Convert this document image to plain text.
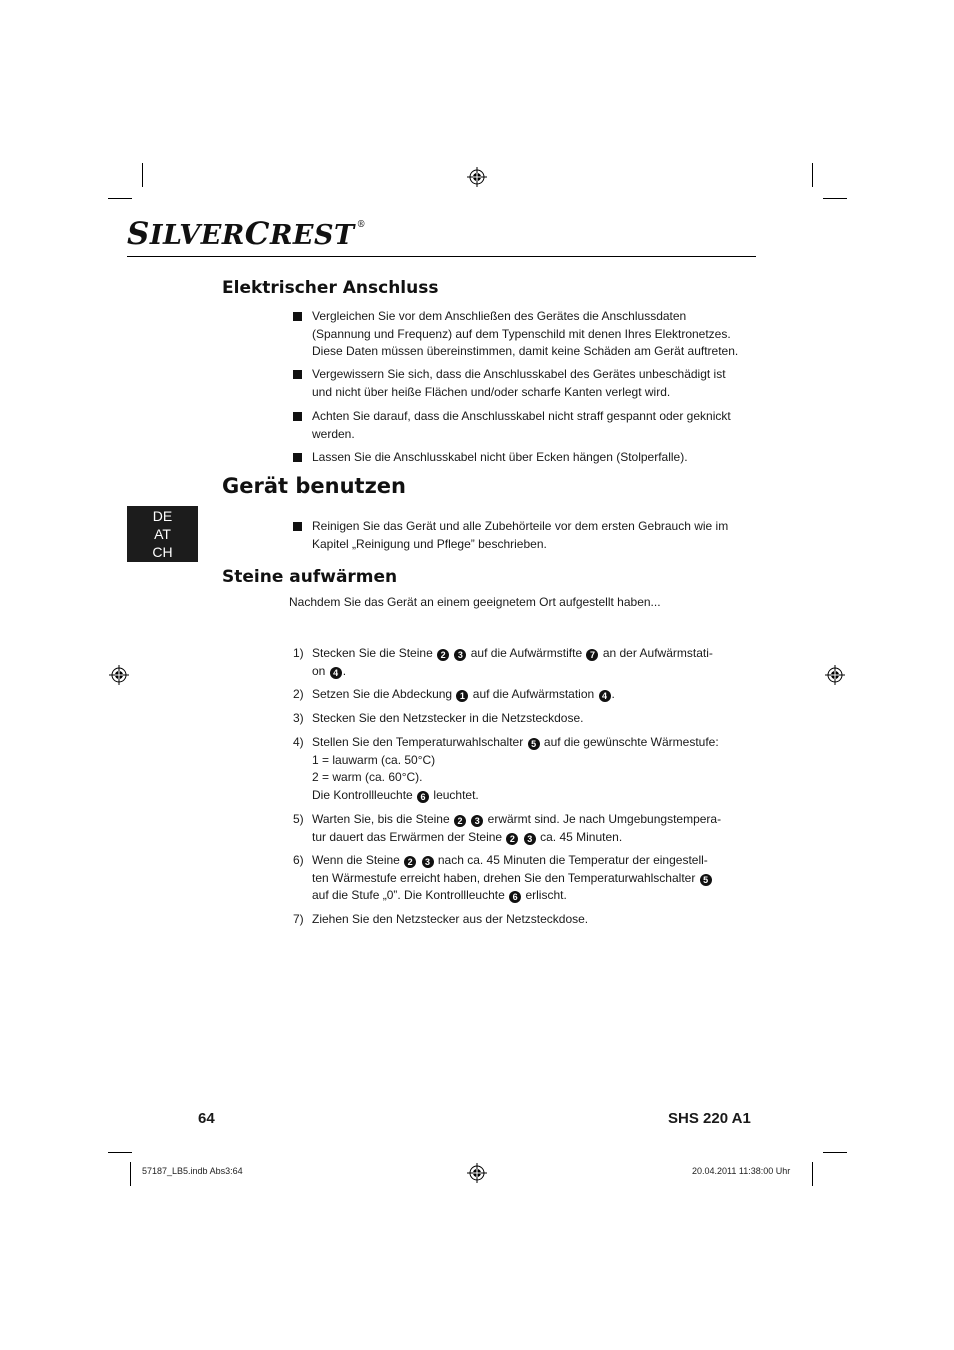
SILVERCREST ®
Elektrischer Anschluss
Vergleichen Sie vor dem Anschließen des Gerätes die Anschlussdaten (Spannung und Frequenz) auf dem Typenschild mit denen Ihres Elektronetzes. Diese Daten müssen übereinstimmen, damit keine Schäden am Gerät auftreten.
Vergewissern Sie sich, dass die Anschlusskabel des Gerätes unbeschädigt ist und nicht über heiße Flächen und/oder scharfe Kanten verlegt wird.
Achten Sie darauf, dass die Anschlusskabel nicht straff gespannt oder geknickt werden.
Lassen Sie die Anschlusskabel nicht über Ecken hängen (Stolperfalle).
Gerät benutzen
DE
AT
CH
Reinigen Sie das Gerät und alle Zubehörteile vor dem ersten Gebrauch wie im Kapitel „Reinigung und Pflege” beschrieben.
Steine aufwärmen
Nachdem Sie das Gerät an einem geeignetem Ort aufgestellt haben...
1) Stecken Sie die Steine 2 3 auf die Aufwärmstifte 7 an der Aufwärmstati-
on 4 .
2) Setzen Sie die Abdeckung 1 auf die Aufwärmstation 4 .
3) Stecken Sie den Netzstecker in die Netzsteckdose.
4) Stellen Sie den Temperaturwahlschalter 5 auf die gewünschte Wärmestufe:
1 = lauwarm (ca. 50°C)
2 = warm (ca. 60°C).
Die Kontrollleuchte 6 leuchtet.
5) Warten Sie, bis die Steine 2 3 erwärmt sind. Je nach Umgebungstempera-
tur dauert das Erwärmen der Steine 2 3 ca. 45 Minuten.
6) Wenn die Steine 2 3 nach ca. 45 Minuten die Temperatur der eingestell-
ten Wärmestufe erreicht haben, drehen Sie den Temperaturwahlschalter 5
auf die Stufe „0”. Die Kontrollleuchte 6 erlischt.
7) Ziehen Sie den Netzstecker aus der Netzsteckdose.
64	SHS 220 A1
57187_LB5.indb Abs3:64	20.04.2011 11:38:00 Uhr
